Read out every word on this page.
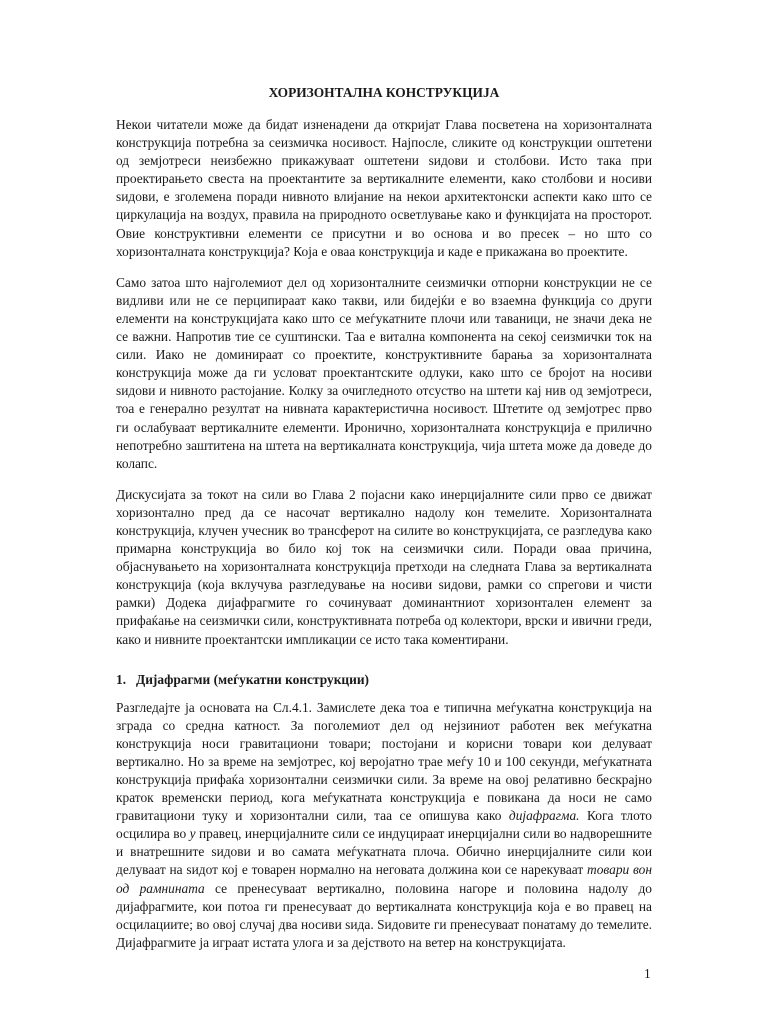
ХОРИЗОНТАЛНА КОНСТРУКЦИЈА

Некои читатели може да бидат изненадени да откријат Глава посветена на хоризонталната конструкција потребна за сеизмичка носивост. Најпосле, сликите од конструкции оштетени од земјотреси неизбежно прикажуваат оштетени ѕидови и столбови. Исто така при проектирањето свеста на проектантите за вертикалните елементи, како столбови и носиви ѕидови, е зголемена поради нивното влијание на некои архитектонски аспекти како што се циркулација на воздух, правила на природното осветлување како и функцијата на просторот. Овие конструктивни елементи се присутни и во основа и во пресек – но што со хоризонталната конструкција? Која е оваа конструкција и каде е прикажана во проектите.

Само затоа што најголемиот дел од хоризонталните сеизмички отпорни конструкции не се видливи или не се перципираат како такви, или бидејќи е во взаемна функција со други елементи на конструкцијата како што се меѓукатните плочи или таваници, не значи дека не се важни. Напротив тие се суштински. Таа е витална компонента на секој сеизмички ток на сили. Иако не доминираат со проектите, конструктивните барања за хоризонталната конструкција може да ги условат проектантските одлуки, како што се бројот на носиви ѕидови и нивното растојание. Колку за очигледното отсуство на штети кај нив од земјотреси, тоа е генерално резултат на нивната карактеристична носивост. Штетите од земјотрес прво ги ослабуваат вертикалните елементи. Иронично, хоризонталната конструкција е прилично непотребно заштитена на штета на вертикалната конструкција, чија штета може да доведе до колапс.

Дискусијата за токот на сили во Глава 2 појасни како инерцијалните сили прво се движат хоризонтално пред да се насочат вертикално надолу кон темелите. Хоризонталната конструкција, клучен учесник во трансферот на силите во конструкцијата, се разгледува како примарна конструкција во било кој ток на сеизмички сили. Поради оваа причина, објаснувањето на хоризонталната конструкција претходи на следната Глава за вертикалната конструкција (која вклучува разгледување на носиви ѕидови, рамки со спрегови и чисти рамки) Додека дијафрагмите го сочинуваат доминантниот хоризонтален елемент за прифаќање на сеизмички сили, конструктивната потреба од колектори, врски и ивични греди, како и нивните проектантски импликации се исто така коментирани.

1. Дијафрагми (меѓукатни конструкции)

Разгледајте ја основата на Сл.4.1. Замислете дека тоа е типична меѓукатна конструкција на зграда со средна катност. За поголемиот дел од нејзиниот работен век меѓукатна конструкција носи гравитациони товари; постојани и корисни товари кои делуваат вертикално. Но за време на земјотрес, кој веројатно трае меѓу 10 и 100 секунди, меѓукатната конструкција прифаќа хоризонтални сеизмички сили. За време на овој релативно бескрајно краток временски период, кога меѓукатната конструкција е повикана да носи не само гравитациони туку и хоризонтални сили, таа се опишува како дијафрагма. Кога тлото осцилира во y правец, инерцијалните сили се индуцираат инерцијални сили во надворешните и внатрешните ѕидови и во самата меѓукатната плоча. Обично инерцијалните сили кои делуваат на ѕидот кој е товарен нормално на неговата должина кои се нарекуваат товари вон од рамнината се пренесуваат вертикално, половина нагоре и половина надолу до дијафрагмите, кои потоа ги пренесуваат до вертикалната конструкција која е во правец на осцилациите; во овој случај два носиви ѕида. Ѕидовите ги пренесуваат понатаму до темелите. Дијафрагмите ја играат истата улога и за дејството на ветер на конструкцијата.

1
